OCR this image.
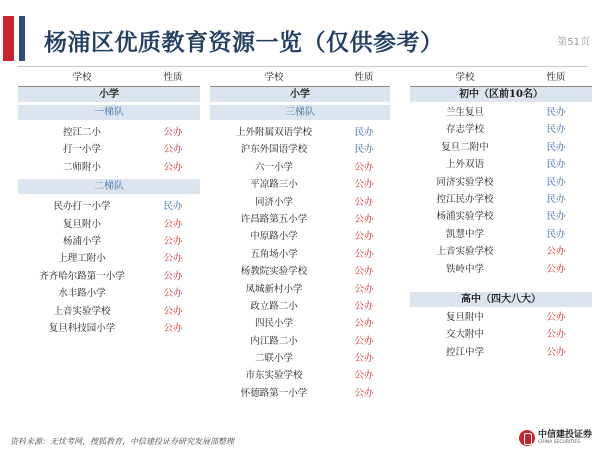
杨浦区优质教育资源一览（仅供参考）	第51页
学校	性质
小学
一梯队
控江二小	公办
打一小学	公办
二师附小	公办
二梯队
民办打一小学	民办
复旦附小	公办
杨浦小学	公办
上理工附小	公办
齐齐哈尔路第一小学	公办
水丰路小学	公办
上音实验学校	公办
复旦科技园小学	公办
学校	性质
小学
三梯队
上外附属双语学校	民办
沪东外国语学校	民办
六一小学	公办
平凉路三小	公办
同济小学	公办
许昌路第五小学	公办
中原路小学	公办
五角场小学	公办
杨教院实验学校	公办
凤城新村小学	公办
政立路二小	公办
四民小学	公办
内江路二小	公办
二联小学	公办
市东实验学校	公办
怀德路第一小学	公办
学校	性质
初中（区前10名）
兰生复旦	民办
存志学校	民办
复旦二附中	民办
上外双语	民办
同济实验学校	民办
控江民办学校	民办
杨浦实验学校	民办
凯慧中学	民办
上音实验学校	公办
铁岭中学	公办
高中（四大八大）
复旦附中	公办
交大附中	公办
控江中学	公办
资料来源：无忧考网，搜狐教育，中信建投证券研究发展部整理
中信建投证券
CHINA SECURITIES
